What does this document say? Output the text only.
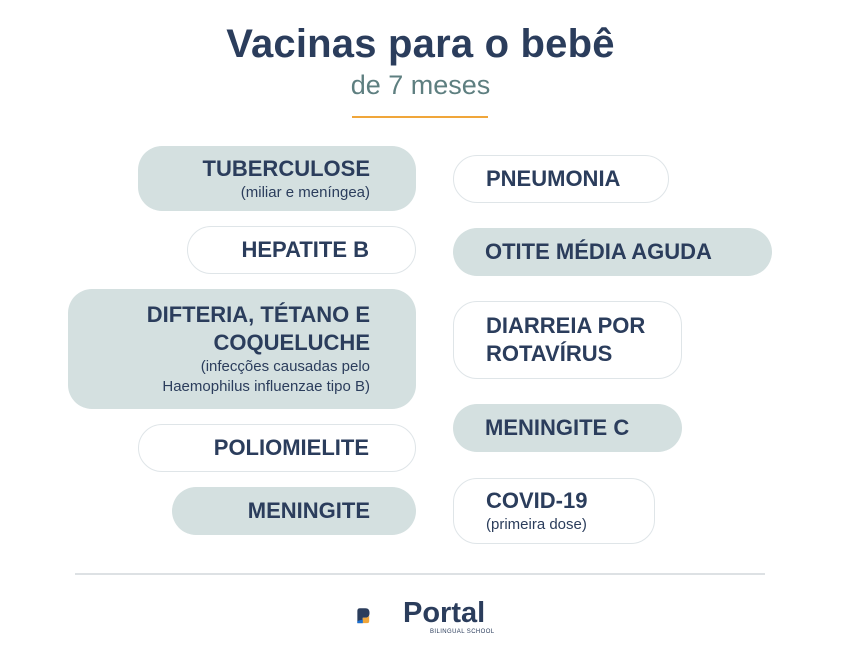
Vacinas para o bebê
de 7 meses
TUBERCULOSE
(miliar e meníngea)
HEPATITE B
DIFTERIA, TÉTANO E
COQUELUCHE
(infecções causadas pelo
Haemophilus influenzae tipo B)
POLIOMIELITE
MENINGITE
PNEUMONIA
OTITE MÉDIA AGUDA
DIARREIA POR
ROTAVÍRUS
MENINGITE C
COVID-19
(primeira dose)
Portal
BILINGUAL SCHOOL
